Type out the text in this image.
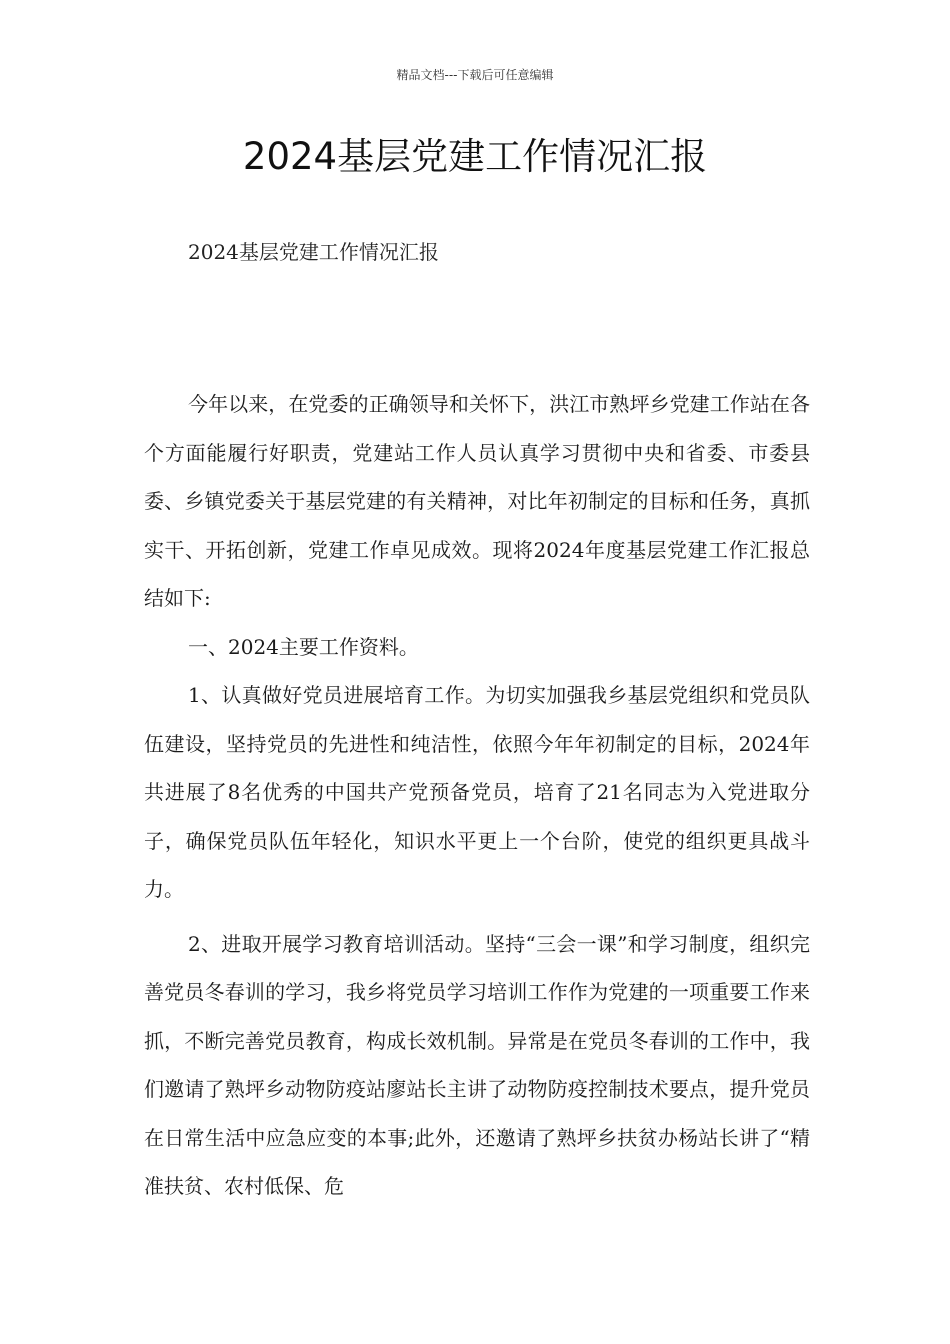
精品文档---下载后可任意编辑
2024基层党建工作情况汇报
2024基层党建工作情况汇报

今年以来，在党委的正确领导和关怀下，洪江市熟坪乡党建工作站在各个方面能履行好职责，党建站工作人员认真学习贯彻中央和省委、市委县委、乡镇党委关于基层党建的有关精神，对比年初制定的目标和任务，真抓实干、开拓创新，党建工作卓见成效。现将2024年度基层党建工作汇报总结如下:

一、2024主要工作资料。

1、认真做好党员进展培育工作。为切实加强我乡基层党组织和党员队伍建设，坚持党员的先进性和纯洁性，依照今年年初制定的目标，2024年共进展了8名优秀的中国共产党预备党员，培育了21名同志为入党进取分子，确保党员队伍年轻化，知识水平更上一个台阶，使党的组织更具战斗力。

2、进取开展学习教育培训活动。坚持“三会一课”和学习制度，组织完善党员冬春训的学习，我乡将党员学习培训工作作为党建的一项重要工作来抓，不断完善党员教育，构成长效机制。异常是在党员冬春训的工作中，我们邀请了熟坪乡动物防疫站廖站长主讲了动物防疫控制技术要点，提升党员在日常生活中应急应变的本事;此外，还邀请了熟坪乡扶贫办杨站长讲了“精准扶贫、农村低保、危
